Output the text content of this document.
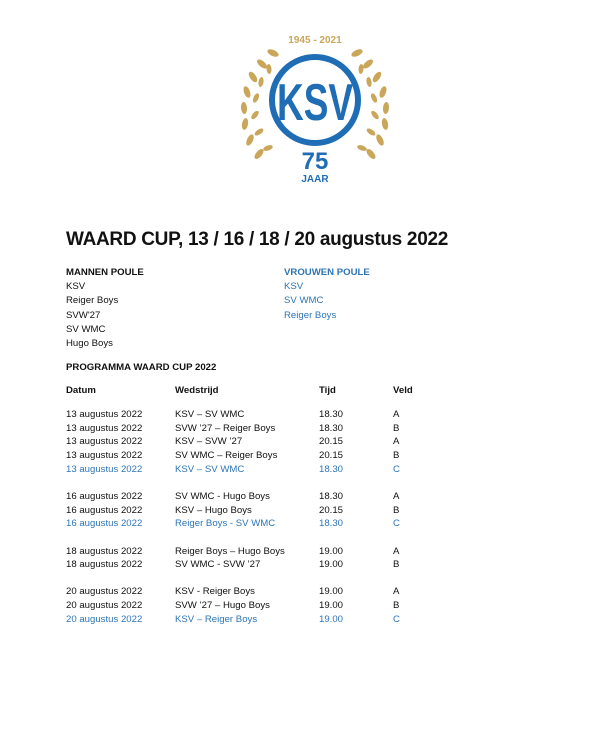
1945 - 2021
KSV
75
JAAR
WAARD CUP, 13 / 16 / 18 / 20 augustus 2022
MANNEN POULE
KSV
Reiger Boys
SVW'27
SV WMC
Hugo Boys
VROUWEN POULE
KSV
SV WMC
Reiger Boys
PROGRAMMA WAARD CUP 2022
Datum	Wedstrijd	Tijd	Veld
13 augustus 2022	KSV – SV WMC	18.30	A
13 augustus 2022	SVW ’27 – Reiger Boys	18.30	B
13 augustus 2022	KSV – SVW ’27	20.15	A
13 augustus 2022	SV WMC – Reiger Boys	20.15	B
13 augustus 2022	KSV – SV WMC	18.30	C
16 augustus 2022	SV WMC - Hugo Boys	18.30	A
16 augustus 2022	KSV – Hugo Boys	20.15	B
16 augustus 2022	Reiger Boys - SV WMC	18.30	C
18 augustus 2022	Reiger Boys – Hugo Boys	19.00	A
18 augustus 2022	SV WMC - SVW ’27	19.00	B
20 augustus 2022	KSV - Reiger Boys	19.00	A
20 augustus 2022	SVW ’27 – Hugo Boys	19.00	B
20 augustus 2022	KSV – Reiger Boys	19.00	C
